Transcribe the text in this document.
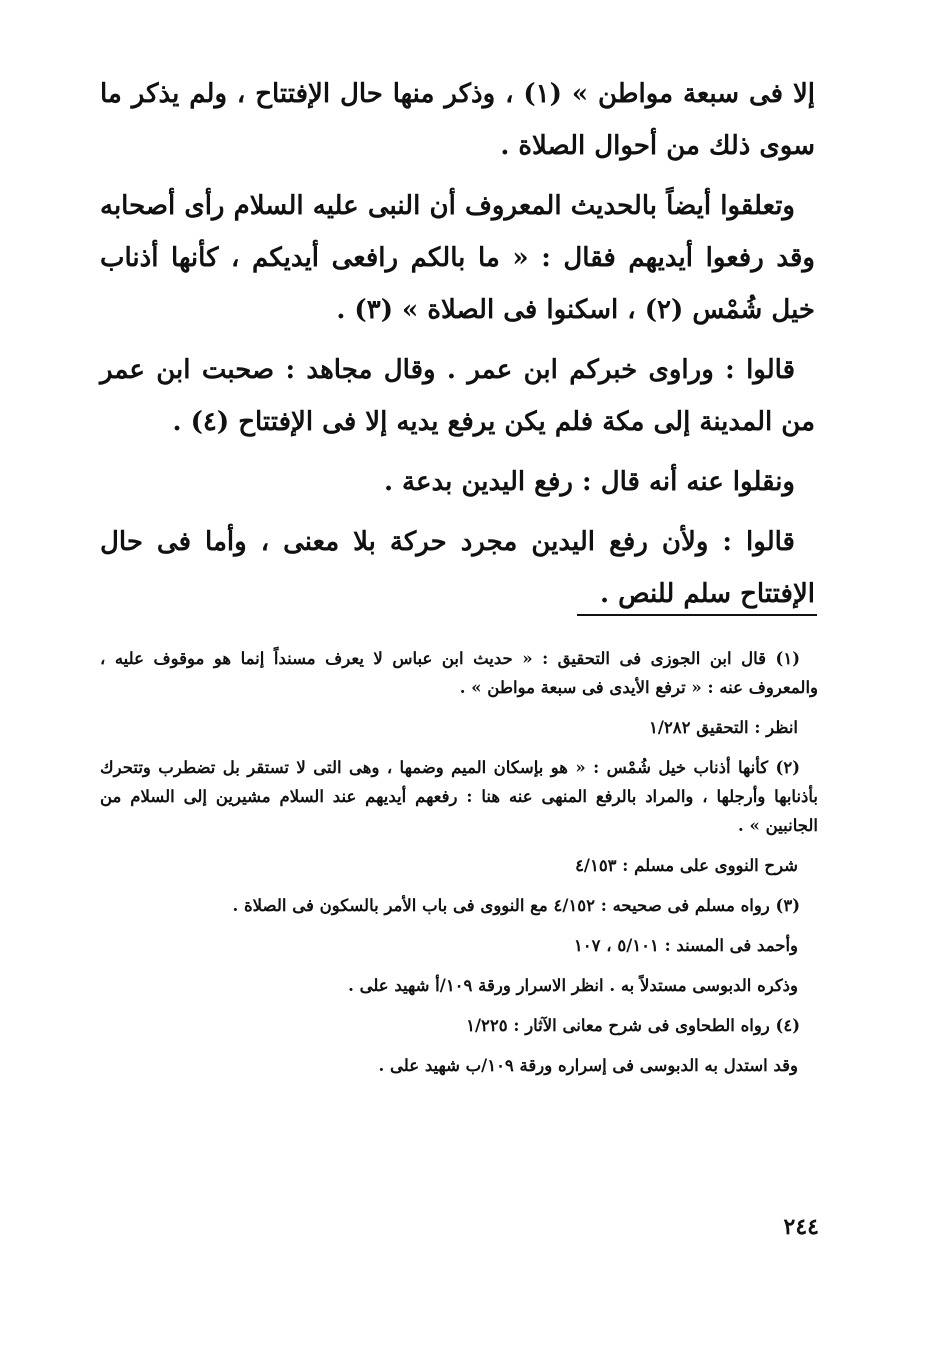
إلا فى سبعة مواطن » (١) ، وذكر منها حال الإفتتاح ، ولم يذكر ما سوى ذلك من أحوال الصلاة .

وتعلقوا أيضاً بالحديث المعروف أن النبى عليه السلام رأى أصحابه وقد رفعوا أيديهم فقال : « ما بالكم رافعى أيديكم ، كأنها أذناب خيل شُمْس (٢) ، اسكنوا فى الصلاة » (٣) .

قالوا : وراوى خبركم ابن عمر . وقال مجاهد : صحبت ابن عمر من المدينة إلى مكة فلم يكن يرفع يديه إلا فى الإفتتاح (٤) .

ونقلوا عنه أنه قال : رفع اليدين بدعة .

قالوا : ولأن رفع اليدين مجرد حركة بلا معنى ، وأما فى حال الإفتتاح سلم للنص .

(١) قال ابن الجوزى فى التحقيق : « حديث ابن عباس لا يعرف مسنداً إنما هو موقوف عليه ، والمعروف عنه : « ترفع الأيدى فى سبعة مواطن » .

انظر : التحقيق ١/٢٨٢

(٢) كأنها أذناب خيل شُمْس : « هو بإسكان الميم وضمها ، وهى التى لا تستقر بل تضطرب وتتحرك بأذنابها وأرجلها ، والمراد بالرفع المنهى عنه هنا : رفعهم أيديهم عند السلام مشيرين إلى السلام من الجانبين » .

شرح النووى على مسلم : ٤/١٥٣

(٣) رواه مسلم فى صحيحه : ٤/١٥٢ مع النووى فى باب الأمر بالسكون فى الصلاة .

وأحمد فى المسند : ٥/١٠١ ، ١٠٧

وذكره الدبوسى مستدلاً به . انظر الاسرار ورقة ١٠٩/أ شهيد على .

(٤) رواه الطحاوى فى شرح معانى الآثار : ١/٢٢٥

وقد استدل به الدبوسى فى إسراره ورقة ١٠٩/ب شهيد على .

٢٤٤
